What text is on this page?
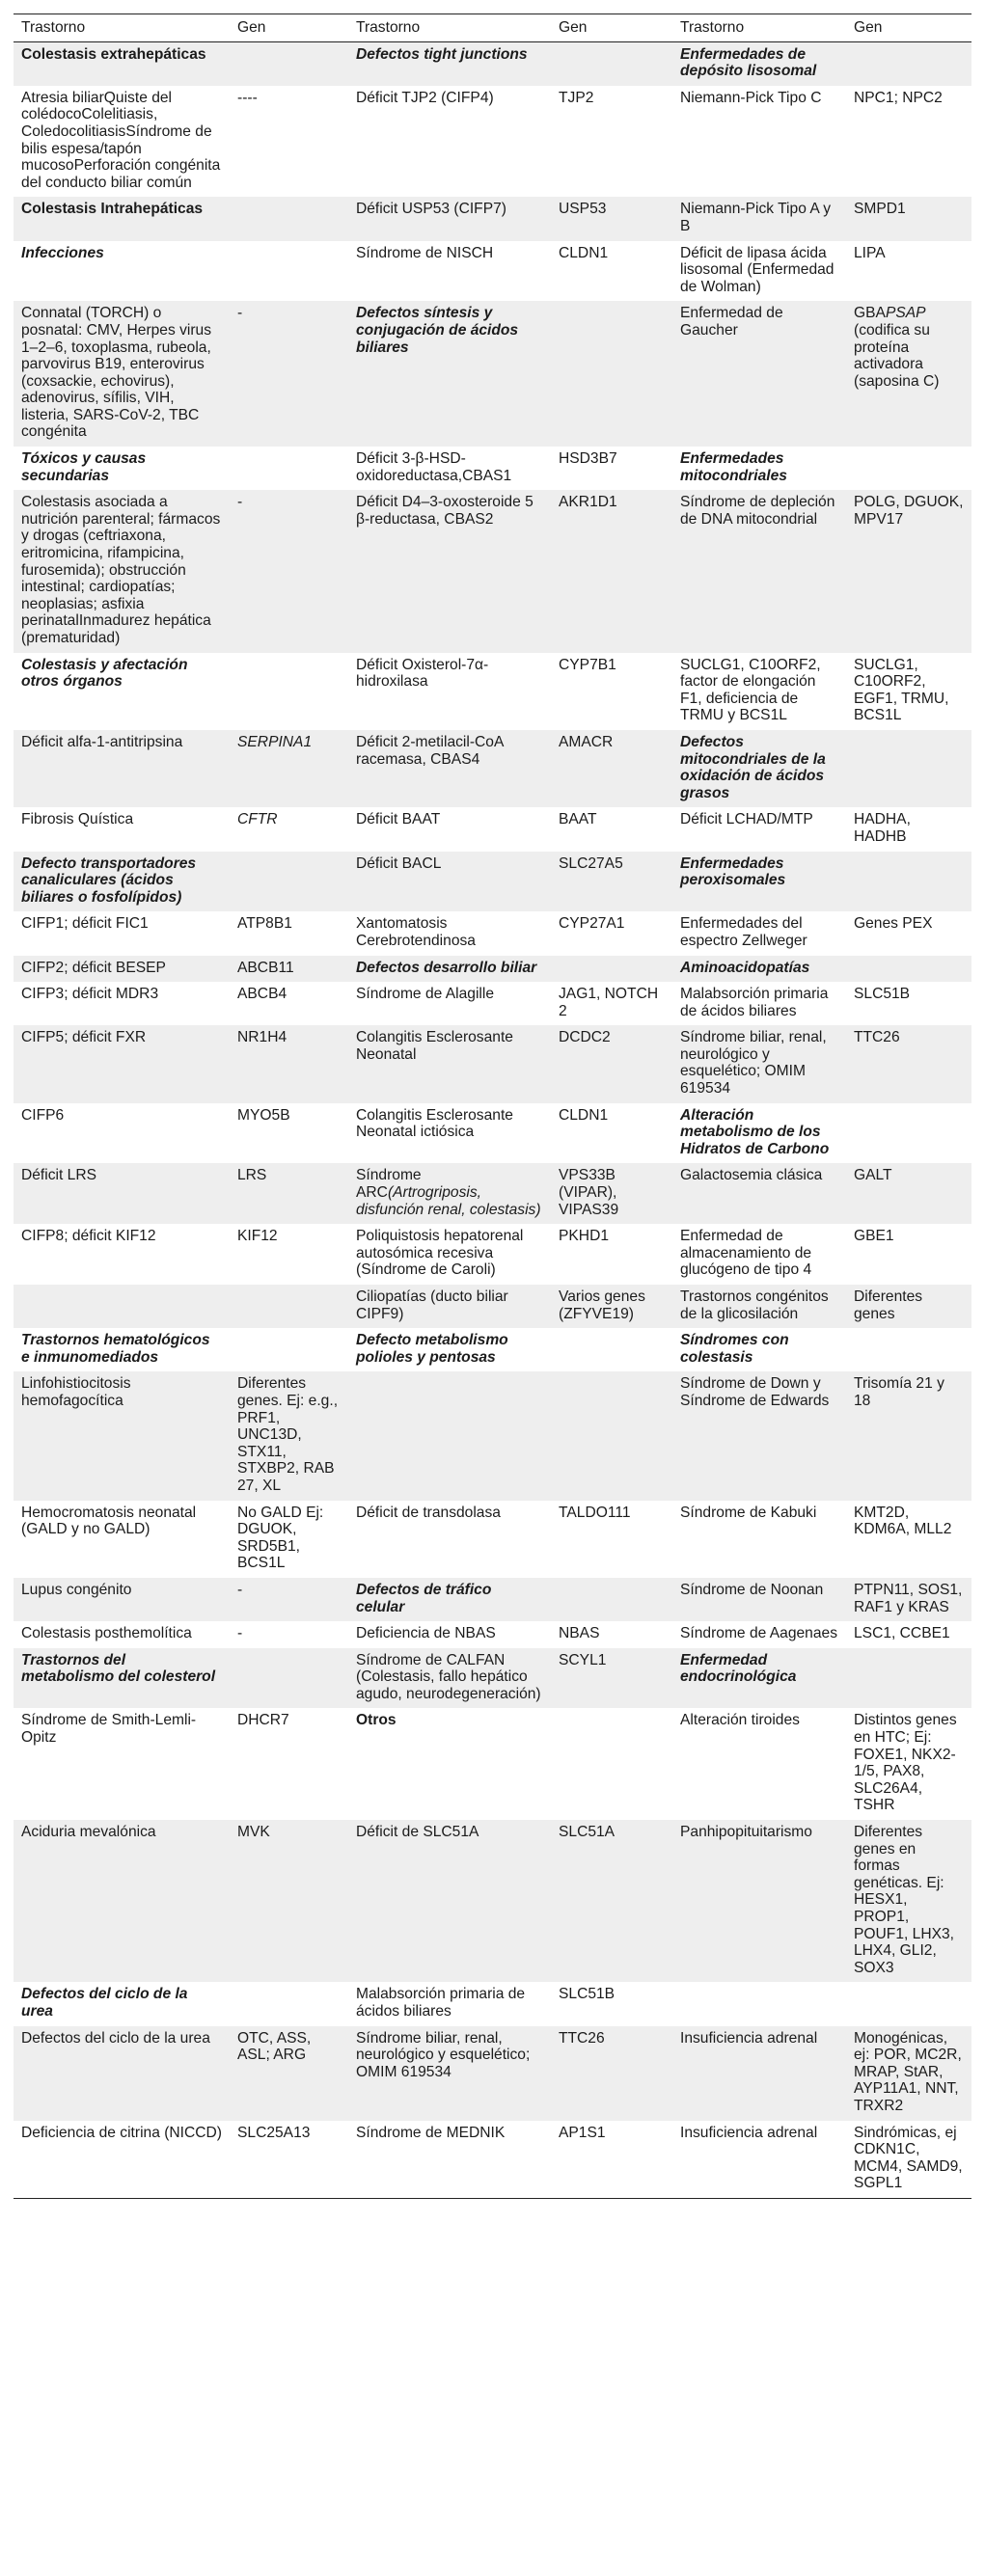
Trastorno	Gen	Trastorno	Gen	Trastorno	Gen
Colestasis extrahepáticas		Defectos tight junctions		Enfermedades de depósito lisosomal	
Atresia biliarQuiste del colédocoColelitiasis, ColedocolitiasisSíndrome de bilis espesa/tapón mucosoPerforación congénita del conducto biliar común	----	Déficit TJP2 (CIFP4)	TJP2	Niemann-Pick Tipo C	NPC1; NPC2
Colestasis Intrahepáticas		Déficit USP53 (CIFP7)	USP53	Niemann-Pick Tipo A y B	SMPD1
Infecciones		Síndrome de NISCH	CLDN1	Déficit de lipasa ácida lisosomal (Enfermedad de Wolman)	LIPA
Connatal (TORCH) o posnatal: CMV, Herpes virus 1–2–6, toxoplasma, rubeola, parvovirus B19, enterovirus (coxsackie, echovirus), adenovirus, sífilis, VIH, listeria, SARS-CoV-2, TBC congénita	-	Defectos síntesis y conjugación de ácidos biliares		Enfermedad de Gaucher	GBAPSAP (codifica su proteína activadora (saposina C)
Tóxicos y causas secundarias		Déficit 3-β-HSD-oxidoreductasa,CBAS1	HSD3B7	Enfermedades mitocondriales	
Colestasis asociada a nutrición parenteral; fármacos y drogas (ceftriaxona, eritromicina, rifampicina, furosemida); obstrucción intestinal; cardiopatías; neoplasias; asfixia perinatalInmadurez hepática (prematuridad)	-	Déficit D4–3-oxosteroide 5 β-reductasa, CBAS2	AKR1D1	Síndrome de depleción de DNA mitocondrial	POLG, DGUOK, MPV17
Colestasis y afectación otros órganos		Déficit Oxisterol-7α-hidroxilasa	CYP7B1	SUCLG1, C10ORF2, factor de elongación F1, deficiencia de TRMU y BCS1L	SUCLG1, C10ORF2, EGF1, TRMU, BCS1L
Déficit alfa-1-antitripsina	SERPINA1	Déficit 2-metilacil-CoA racemasa, CBAS4	AMACR	Defectos mitocondriales de la oxidación de ácidos grasos	
Fibrosis Quística	CFTR	Déficit BAAT	BAAT	Déficit LCHAD/MTP	HADHA, HADHB
Defecto transportadores canaliculares (ácidos biliares o fosfolípidos)		Déficit BACL	SLC27A5	Enfermedades peroxisomales	
CIFP1; déficit FIC1	ATP8B1	Xantomatosis Cerebrotendinosa	CYP27A1	Enfermedades del espectro Zellweger	Genes PEX
CIFP2; déficit BESEP	ABCB11	Defectos desarrollo biliar		Aminoacidopatías	
CIFP3; déficit MDR3	ABCB4	Síndrome de Alagille	JAG1, NOTCH 2	Malabsorción primaria de ácidos biliares	SLC51B
CIFP5; déficit FXR	NR1H4	Colangitis Esclerosante Neonatal	DCDC2	Síndrome biliar, renal, neurológico y esquelético; OMIM 619534	TTC26
CIFP6	MYO5B	Colangitis Esclerosante Neonatal ictiósica	CLDN1	Alteración metabolismo de los Hidratos de Carbono	
Déficit LRS	LRS	Síndrome ARC(Artrogriposis, disfunción renal, colestasis)	VPS33B (VIPAR), VIPAS39	Galactosemia clásica	GALT
CIFP8; déficit KIF12	KIF12	Poliquistosis hepatorenal autosómica recesiva (Síndrome de Caroli)	PKHD1	Enfermedad de almacenamiento de glucógeno de tipo 4	GBE1
		Ciliopatías (ducto biliar CIPF9)	Varios genes (ZFYVE19)	Trastornos congénitos de la glicosilación	Diferentes genes
Trastornos hematológicos e inmunomediados		Defecto metabolismo polioles y pentosas		Síndromes con colestasis	
Linfohistiocitosis hemofagocítica	Diferentes genes. Ej: e.g., PRF1, UNC13D, STX11, STXBP2, RAB 27, XL			Síndrome de Down y Síndrome de Edwards	Trisomía 21 y 18
Hemocromatosis neonatal (GALD y no GALD)	No GALD Ej: DGUOK, SRD5B1, BCS1L	Déficit de transdolasa	TALDO111	Síndrome de Kabuki	KMT2D, KDM6A, MLL2
Lupus congénito	-	Defectos de tráfico celular		Síndrome de Noonan	PTPN11, SOS1, RAF1 y KRAS
Colestasis posthemolítica	-	Deficiencia de NBAS	NBAS	Síndrome de Aagenaes	LSC1, CCBE1
Trastornos del metabolismo del colesterol		Síndrome de CALFAN (Colestasis, fallo hepático agudo, neurodegeneración)	SCYL1	Enfermedad endocrinológica	
Síndrome de Smith-Lemli-Opitz	DHCR7	Otros		Alteración tiroides	Distintos genes en HTC; Ej: FOXE1, NKX2-1/5, PAX8, SLC26A4, TSHR
Aciduria mevalónica	MVK	Déficit de SLC51A	SLC51A	Panhipopituitarismo	Diferentes genes en formas genéticas. Ej: HESX1, PROP1, POUF1, LHX3, LHX4, GLI2, SOX3
Defectos del ciclo de la urea		Malabsorción primaria de ácidos biliares	SLC51B		
Defectos del ciclo de la urea	OTC, ASS, ASL; ARG	Síndrome biliar, renal, neurológico y esquelético; OMIM 619534	TTC26	Insuficiencia adrenal	Monogénicas, ej: POR, MC2R, MRAP, StAR, AYP11A1, NNT, TRXR2
Deficiencia de citrina (NICCD)	SLC25A13	Síndrome de MEDNIK	AP1S1	Insuficiencia adrenal	Sindrómicas, ej CDKN1C, MCM4, SAMD9, SGPL1
